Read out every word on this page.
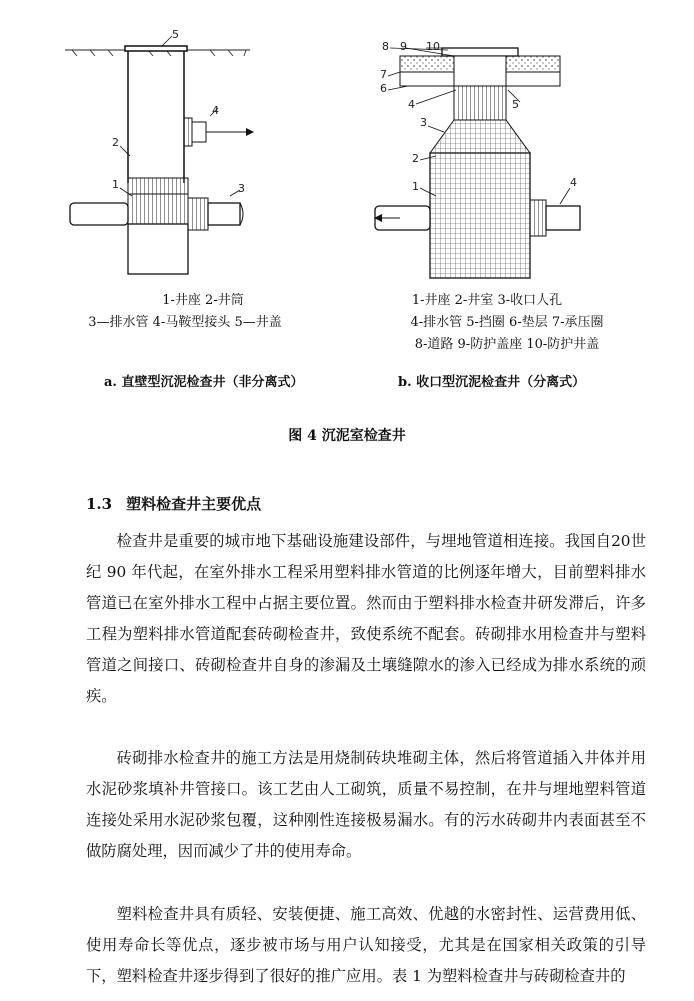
5
4
2
1	3
8 9 10
7
6
4	5
3
2
1	4
1-井座 2-井筒
3—排水管 4-马鞍型接头 5—井盖
1-井座 2-井室 3-收口人孔
4-排水管 5-挡圈 6-垫层 7-承压圈
8-道路 9-防护盖座 10-防护井盖
a. 直壁型沉泥检查井（非分离式）	b. 收口型沉泥检查井（分离式）
图 4 沉泥室检查井
1.3 塑料检查井主要优点

检查井是重要的城市地下基础设施建设部件，与埋地管道相连接。我国自20世纪 90 年代起，在室外排水工程采用塑料排水管道的比例逐年增大，目前塑料排水管道已在室外排水工程中占据主要位置。然而由于塑料排水检查井研发滞后，许多工程为塑料排水管道配套砖砌检查井，致使系统不配套。砖砌排水用检查井与塑料管道之间接口、砖砌检查井自身的渗漏及土壤缝隙水的渗入已经成为排水系统的顽疾。

砖砌排水检查井的施工方法是用烧制砖块堆砌主体，然后将管道插入井体并用水泥砂浆填补井管接口。该工艺由人工砌筑，质量不易控制，在井与埋地塑料管道连接处采用水泥砂浆包覆，这种刚性连接极易漏水。有的污水砖砌井内表面甚至不做防腐处理，因而减少了井的使用寿命。

塑料检查井具有质轻、安装便捷、施工高效、优越的水密封性、运营费用低、使用寿命长等优点，逐步被市场与用户认知接受，尤其是在国家相关政策的引导下，塑料检查井逐步得到了很好的推广应用。表 1 为塑料检查井与砖砌检查井的
